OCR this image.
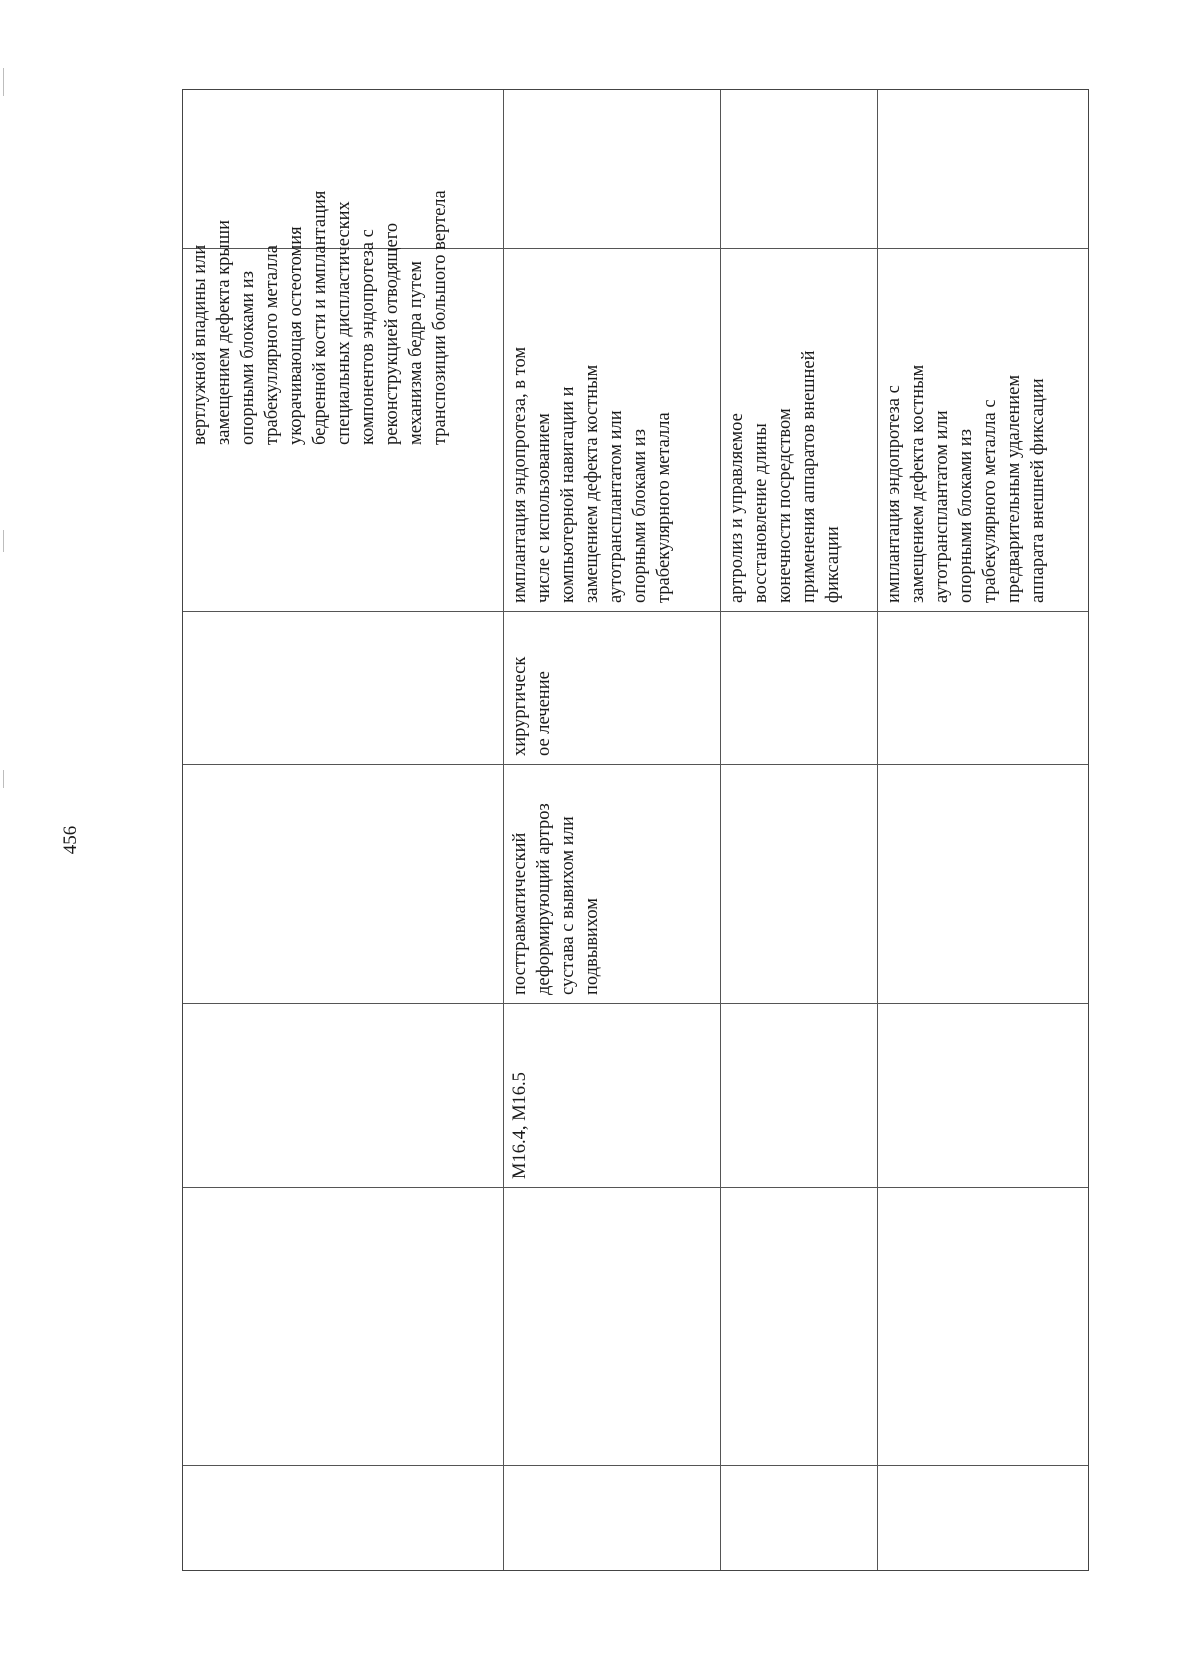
456
вертлужной впадины или замещением дефекта крыши опорными блоками из трабекуллярного металла укорачивающая остеотомия бедренной кости и имплантация специальных диспластических компонентов эндопротеза с реконструкцией отводящего механизма бедра путем транспозиции большого вертела
M16.4, M16.5
посттравматический деформирующий артроз сустава с вывихом или подвывихом
хирургическ ое лечение
имплантация эндопротеза, в том числе с использованием компьютерной навигации и замещением дефекта костным аутотрансплантатом или опорными блоками из трабекулярного металла	артролиз и управляемое восстановление длины конечности посредством применения аппаратов внешней фиксации имплантация эндопротеза с замещением дефекта костным аутотрансплантатом или опорными блоками из трабекулярного металла с предварительным удалением аппарата внешней фиксации
